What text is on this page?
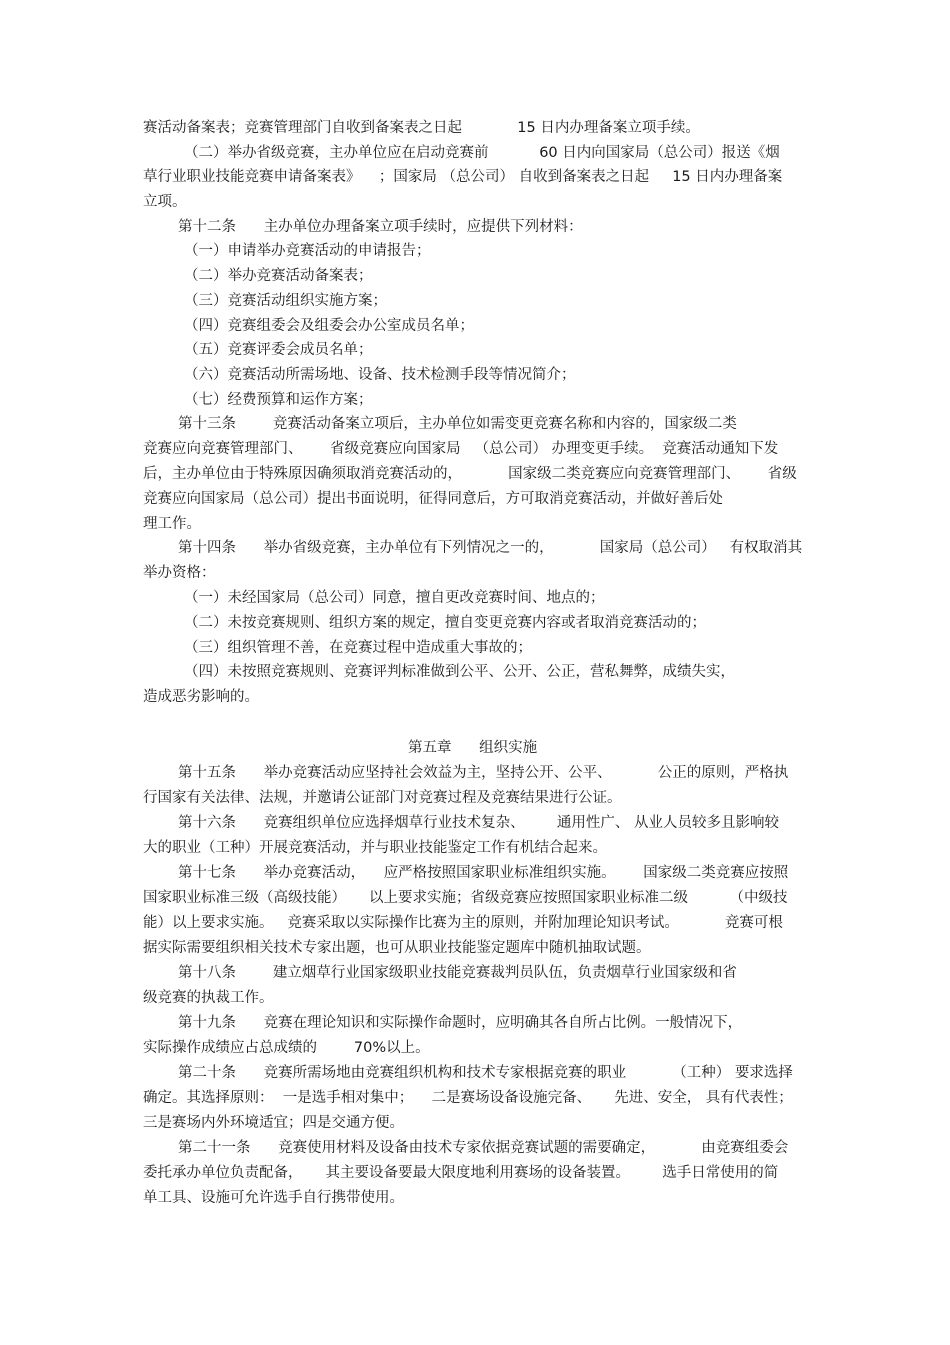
赛活动备案表；竞赛管理部门自收到备案表之日起            15 日内办理备案立项手续。
（二）举办省级竞赛，主办单位应在启动竞赛前           60 日内向国家局（总公司）报送《烟
草行业职业技能竞赛申请备案表》    ；国家局 （总公司） 自收到备案表之日起     15 日内办理备案
立项。
第十二条      主办单位办理备案立项手续时，应提供下列材料：
（一）申请举办竞赛活动的申请报告；
（二）举办竞赛活动备案表；
（三）竞赛活动组织实施方案；
（四）竞赛组委会及组委会办公室成员名单；
（五）竞赛评委会成员名单；
（六）竞赛活动所需场地、设备、技术检测手段等情况简介；
（七）经费预算和运作方案；
第十三条        竞赛活动备案立项后，主办单位如需变更竞赛名称和内容的，国家级二类
竞赛应向竞赛管理部门、      省级竞赛应向国家局   （总公司） 办理变更手续。  竞赛活动通知下发
后，主办单位由于特殊原因确须取消竞赛活动的，          国家级二类竞赛应向竞赛管理部门、      省级
竞赛应向国家局（总公司）提出书面说明，征得同意后，方可取消竞赛活动，并做好善后处
理工作。
第十四条      举办省级竞赛，主办单位有下列情况之一的，          国家局（总公司）   有权取消其
举办资格：
（一）未经国家局（总公司）同意，擅自更改竞赛时间、地点的；
（二）未按竞赛规则、组织方案的规定，擅自变更竞赛内容或者取消竞赛活动的；
（三）组织管理不善，在竞赛过程中造成重大事故的；
（四）未按照竞赛规则、竞赛评判标准做到公平、公开、公正，营私舞弊，成绩失实，
造成恶劣影响的。
第五章      组织实施
第十五条      举办竞赛活动应坚持社会效益为主，坚持公开、公平、          公正的原则，严格执
行国家有关法律、法规，并邀请公证部门对竞赛过程及竞赛结果进行公证。
第十六条      竞赛组织单位应选择烟草行业技术复杂、       通用性广、 从业人员较多且影响较
大的职业（工种）开展竞赛活动，并与职业技能鉴定工作有机结合起来。
第十七条      举办竞赛活动，    应严格按照国家职业标准组织实施。      国家级二类竞赛应按照
国家职业标准三级（高级技能）     以上要求实施；省级竞赛应按照国家职业标准二级         （中级技
能）以上要求实施。   竞赛采取以实际操作比赛为主的原则，并附加理论知识考试。          竞赛可根
据实际需要组织相关技术专家出题，也可从职业技能鉴定题库中随机抽取试题。
第十八条        建立烟草行业国家级职业技能竞赛裁判员队伍，负责烟草行业国家级和省
级竞赛的执裁工作。
第十九条      竞赛在理论知识和实际操作命题时，应明确其各自所占比例。一般情况下，
实际操作成绩应占总成绩的        70%以上。
第二十条      竞赛所需场地由竞赛组织机构和技术专家根据竞赛的职业          （工种） 要求选择
确定。其选择原则：  一是选手相对集中；    二是赛场设备设施完备、     先进、安全， 具有代表性；
三是赛场内外环境适宜；四是交通方便。
第二十一条      竞赛使用材料及设备由技术专家依据竞赛试题的需要确定，          由竞赛组委会
委托承办单位负责配备，     其主要设备要最大限度地利用赛场的设备装置。       选手日常使用的简
单工具、设施可允许选手自行携带使用。
